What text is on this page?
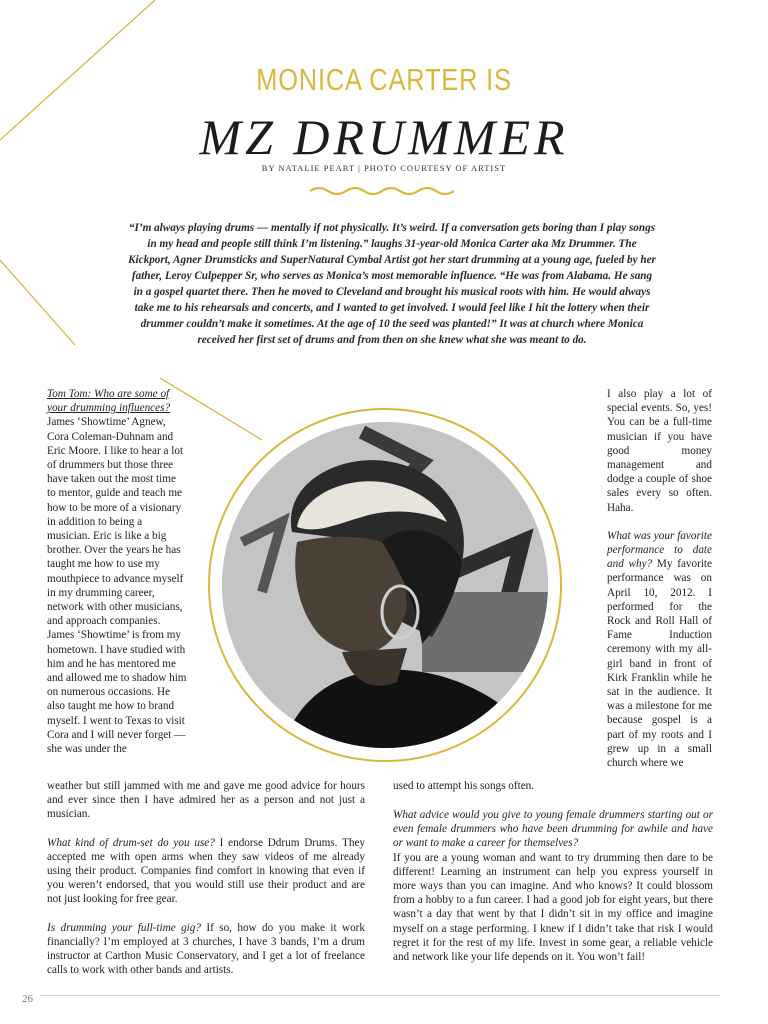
MONICA CARTER IS
MZ DRUMMER
BY NATALIE PEART | PHOTO COURTESY OF ARTIST
“I’m always playing drums — mentally if not physically. It’s weird. If a conversation gets boring than I play songs in my head and people still think I’m listening.” laughs 31-year-old Monica Carter aka Mz Drummer. The Kickport, Agner Drumsticks and SuperNatural Cymbal Artist got her start drumming at a young age, fueled by her father, Leroy Culpepper Sr, who serves as Monica’s most memorable influence. “He was from Alabama. He sang in a gospel quartet there. Then he moved to Cleveland and brought his musical roots with him. He would always take me to his rehearsals and concerts, and I wanted to get involved. I would feel like I hit the lottery when their drummer couldn’t make it sometimes. At the age of 10 the seed was planted!” It was at church where Monica received her first set of drums and from then on she knew what she was meant to do.

Tom Tom: Who are some of your drumming influences? James ‘Showtime’ Agnew, Cora Coleman-Duhnam and Eric Moore. I like to hear a lot of drummers but those three have taken out the most time to mentor, guide and teach me how to be more of a visionary in addition to being a musician. Eric is like a big brother. Over the years he has taught me how to use my mouthpiece to advance myself in my drumming career, network with other musicians, and approach companies. James ‘Showtime’ is from my hometown. I have studied with him and he has mentored me and allowed me to shadow him on numerous occasions. He also taught me how to brand myself. I went to Texas to visit Cora and I will never forget — she was under the

weather but still jammed with me and gave me good advice for hours and ever since then I have admired her as a person and not just a musician.

What kind of drum-set do you use? I endorse Ddrum Drums. They accepted me with open arms when they saw videos of me already using their product. Companies find comfort in knowing that even if you weren’t endorsed, that you would still use their product and are not just looking for free gear.

Is drumming your full-time gig? If so, how do you make it work financially? I’m employed at 3 churches, I have 3 bands, I’m a drum instructor at Carthon Music Conservatory, and I get a lot of freelance calls to work with other bands and artists.

I also play a lot of special events. So, yes! You can be a full-time musician if you have good money management and dodge a couple of shoe sales every so often. Haha.

What was your favorite performance to date and why? My favorite performance was on April 10, 2012. I performed for the Rock and Roll Hall of Fame Induction ceremony with my all-girl band in front of Kirk Franklin while he sat in the audience. It was a milestone for me because gospel is a part of my roots and I grew up in a small church where we

used to attempt his songs often.

What advice would you give to young female drummers starting out or even female drummers who have been drumming for awhile and have or want to make a career for themselves?
If you are a young woman and want to try drumming then dare to be different! Learning an instrument can help you express yourself in more ways than you can imagine. And who knows? It could blossom from a hobby to a fun career. I had a good job for eight years, but there wasn’t a day that went by that I didn’t sit in my office and imagine myself on a stage performing. I knew if I didn’t take that risk I would regret it for the rest of my life. Invest in some gear, a reliable vehicle and network like your life depends on it. You won’t fail!

26
